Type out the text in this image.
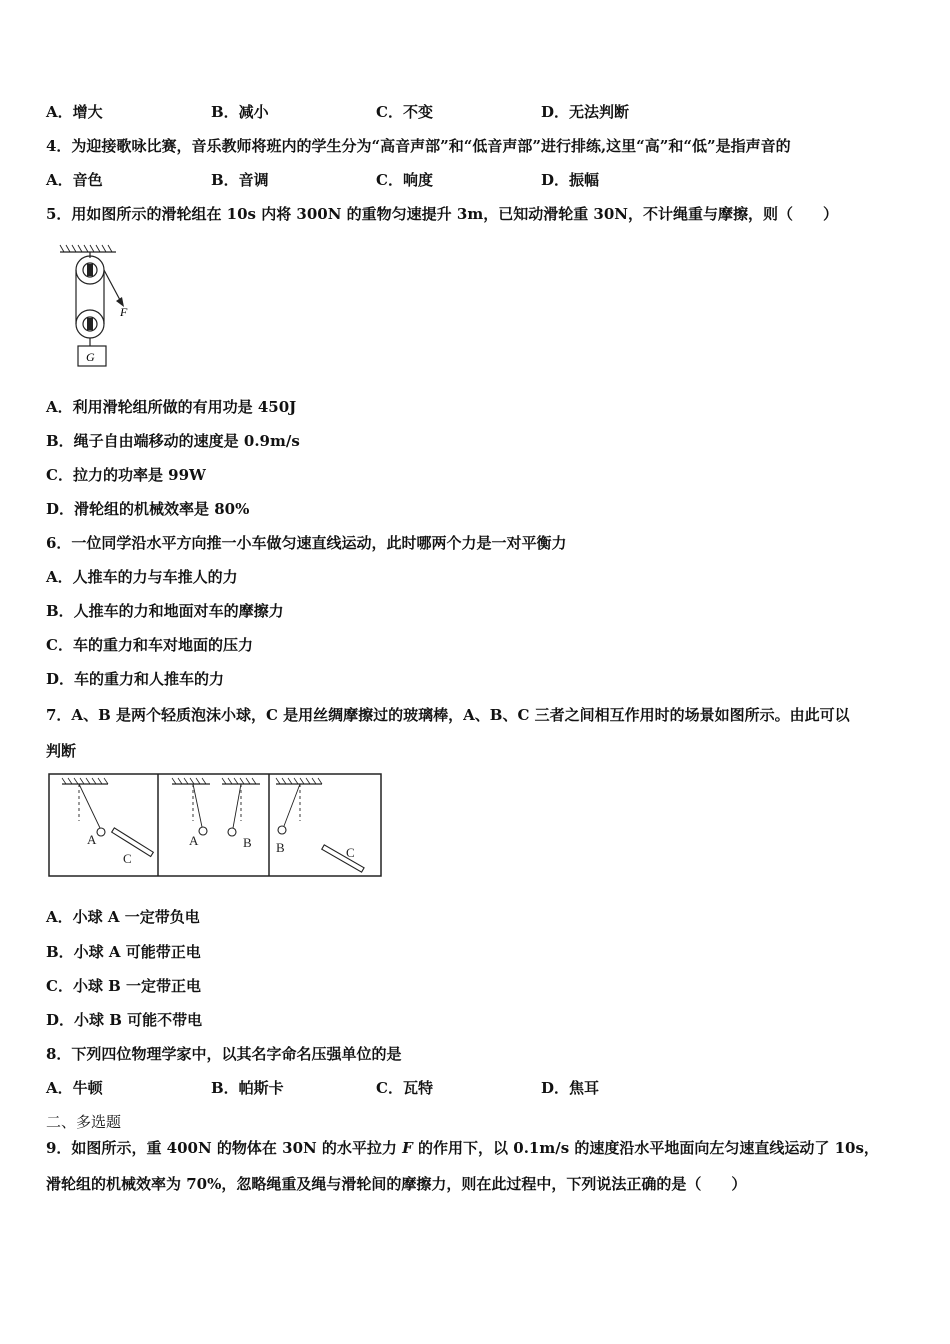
A．增大	B．减小	C．不变	D．无法判断
4．为迎接歌咏比赛，音乐教师将班内的学生分为“高音声部”和“低音声部”进行排练,这里“高”和“低”是指声音的
A．音色	B．音调	C．响度	D．振幅
5．用如图所示的滑轮组在 10s 内将 300N 的重物匀速提升 3m，已知动滑轮重 30N，不计绳重与摩擦，则（　　）
F
G
A．利用滑轮组所做的有用功是 450J
B．绳子自由端移动的速度是 0.9m/s
C．拉力的功率是 99W
D．滑轮组的机械效率是 80%
6．一位同学沿水平方向推一小车做匀速直线运动，此时哪两个力是一对平衡力
A．人推车的力与车推人的力
B．人推车的力和地面对车的摩擦力
C．车的重力和车对地面的压力
D．车的重力和人推车的力
7．A、B 是两个轻质泡沫小球，C 是用丝绸摩擦过的玻璃棒，A、B、C 三者之间相互作用时的场景如图所示。由此可以
判断
A
C
A	B B	C
A．小球 A 一定带负电
B．小球 A 可能带正电
C．小球 B 一定带正电
D．小球 B 可能不带电
8．下列四位物理学家中，以其名字命名压强单位的是
A．牛顿	B．帕斯卡	C．瓦特	D．焦耳
二、多选题
9．如图所示，重 400N 的物体在 30N 的水平拉力 F 的作用下，以 0.1m/s 的速度沿水平地面向左匀速直线运动了 10s，
滑轮组的机械效率为 70%，忽略绳重及绳与滑轮间的摩擦力，则在此过程中，下列说法正确的是（　　）
